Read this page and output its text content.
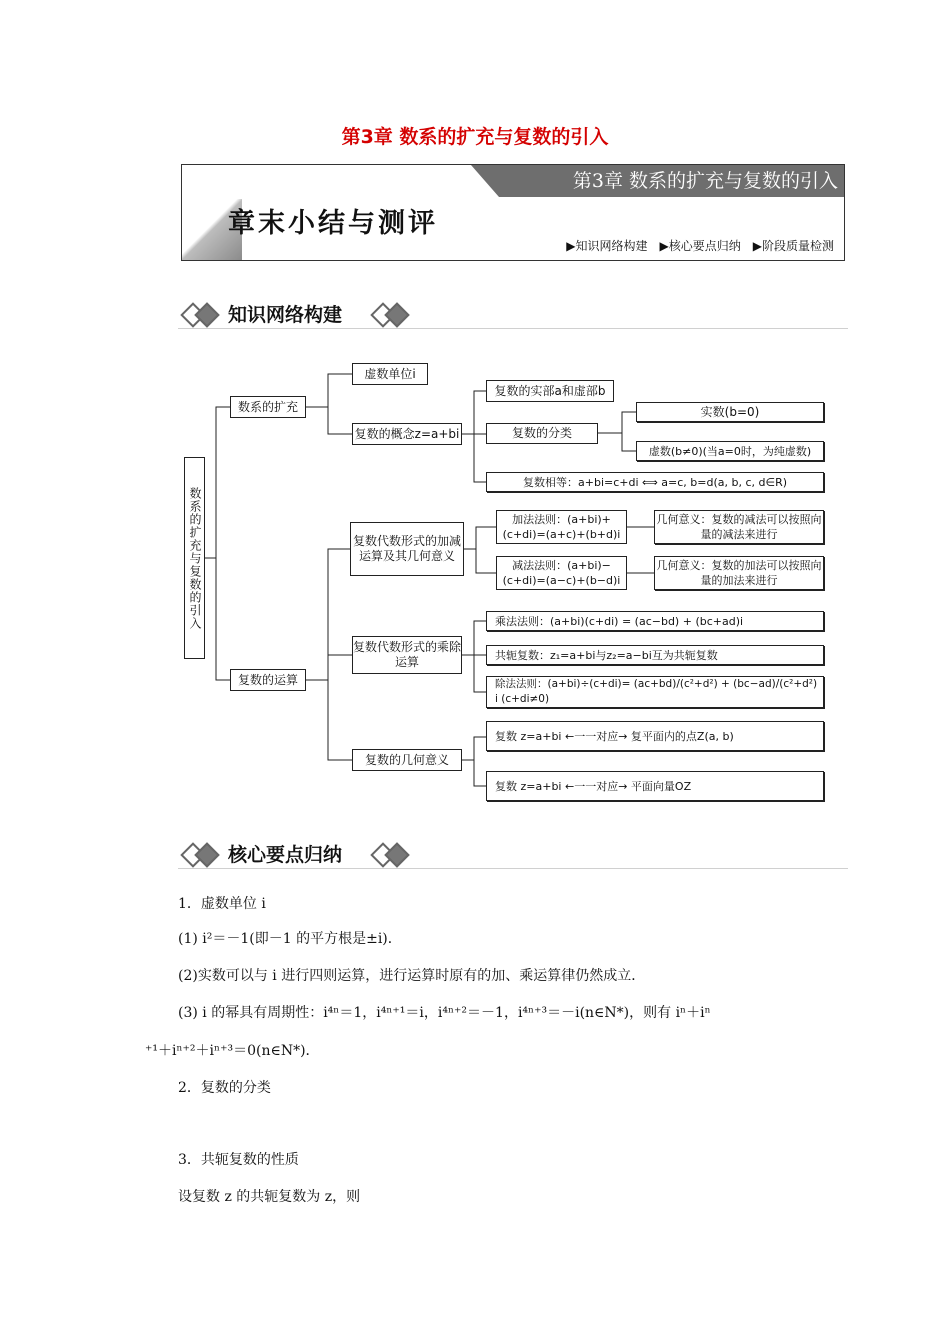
第3章 数系的扩充与复数的引入
第3章 数系的扩充与复数的引入
章末小结与测评
▶知识网络构建 ▶核心要点归纳 ▶阶段质量检测
知识网络构建
数系的扩充与复数的引入
数系的扩充
虚数单位i
复数的概念z=a+bi
复数的实部a和虚部b
复数的分类
实数(b=0)
虚数(b≠0)(当a=0时，为纯虚数)
复数相等：a+bi=c+di ⟺ a=c, b=d(a, b, c, d∈R)
复数的运算
复数代数形式的加减运算及其几何意义
加法法则：(a+bi)+(c+di)=(a+c)+(b+d)i
几何意义：复数的减法可以按照向量的减法来进行
减法法则：(a+bi)−(c+di)=(a−c)+(b−d)i
几何意义：复数的加法可以按照向量的加法来进行
复数代数形式的乘除运算
乘法法则：(a+bi)(c+di) = (ac−bd) + (bc+ad)i
共轭复数：z₁=a+bi与z₂=a−bi互为共轭复数
除法法则：(a+bi)÷(c+di)= (ac+bd)/(c²+d²) + (bc−ad)/(c²+d²) i (c+di≠0)
复数的几何意义
复数 z=a+bi ←一一对应→ 复平面内的点Z(a, b)
复数 z=a+bi ←一一对应→ 平面向量OZ
核心要点归纳
1．虚数单位 i
(1) i²＝－1(即－1 的平方根是±i)．
(2)实数可以与 i 进行四则运算，进行运算时原有的加、乘运算律仍然成立．
(3) i 的幂具有周期性：i⁴ⁿ＝1，i⁴ⁿ⁺¹＝i，i⁴ⁿ⁺²＝－1，i⁴ⁿ⁺³＝－i(n∈N*)，则有 iⁿ＋iⁿ
⁺¹＋iⁿ⁺²＋iⁿ⁺³＝0(n∈N*)．
2．复数的分类
3．共轭复数的性质
设复数 z 的共轭复数为 z，则
